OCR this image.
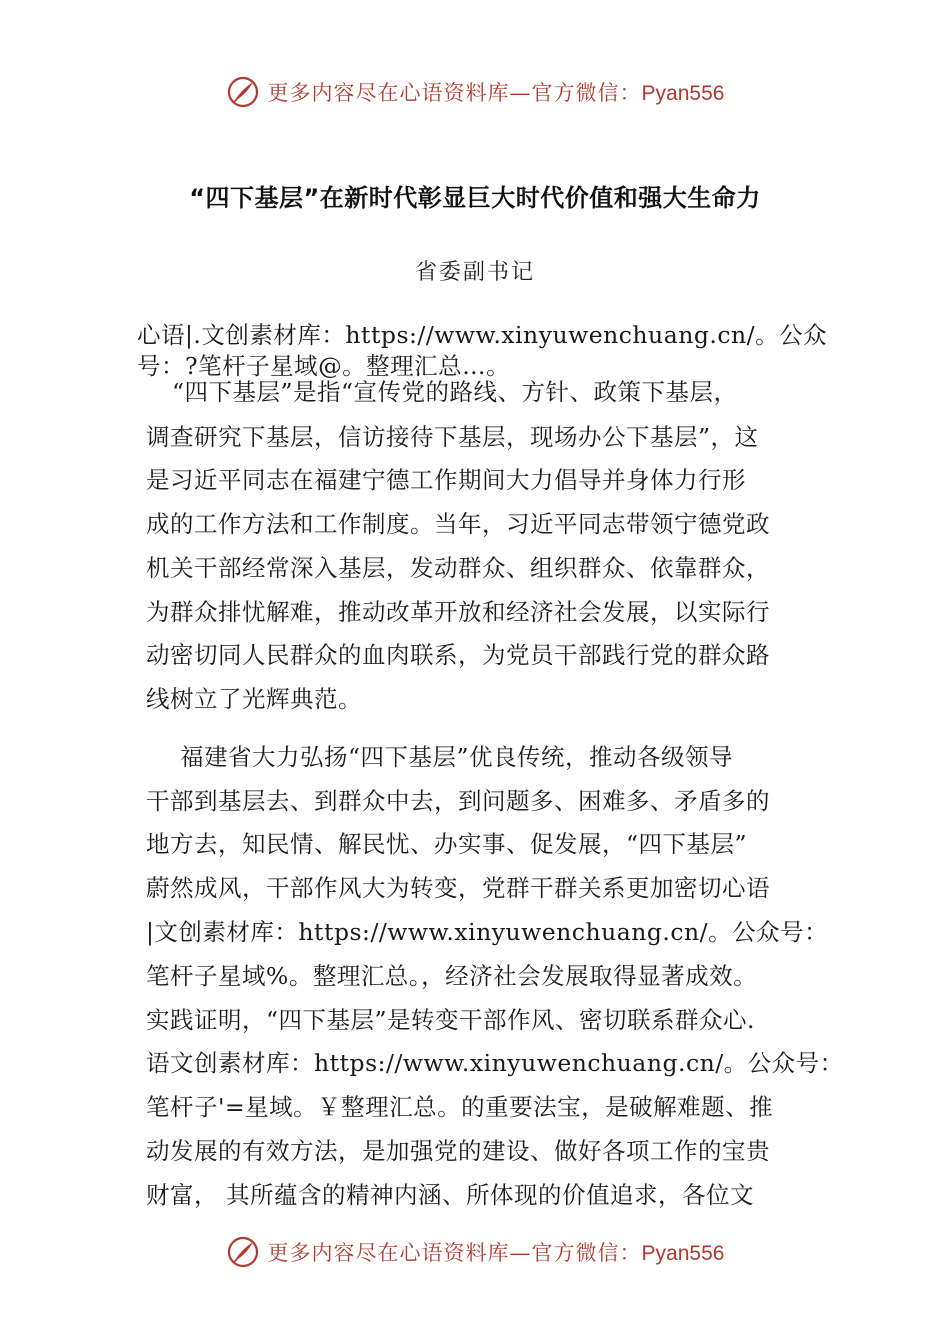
更多内容尽在心语资料库—官方微信：Pyan556
“四下基层”在新时代彰显巨大时代价值和强大生命力
省委副书记
心语|.文创素材库：https://www.xinyuwenchuang.cn/。公众
号：?笔杆子星域@。整理汇总…。
“四下基层”是指“宣传党的路线、方针、政策下基层，
调查研究下基层，信访接待下基层，现场办公下基层”，这
是习近平同志在福建宁德工作期间大力倡导并身体力行形
成的工作方法和工作制度。当年，习近平同志带领宁德党政
机关干部经常深入基层，发动群众、组织群众、依靠群众，
为群众排忧解难，推动改革开放和经济社会发展，以实际行
动密切同人民群众的血肉联系，为党员干部践行党的群众路
线树立了光辉典范。
福建省大力弘扬“四下基层”优良传统，推动各级领导
干部到基层去、到群众中去，到问题多、困难多、矛盾多的
地方去，知民情、解民忧、办实事、促发展，“四下基层”
蔚然成风，干部作风大为转变，党群干群关系更加密切心语
|文创素材库：https://www.xinyuwenchuang.cn/。公众号：
笔杆子星域%。整理汇总。，经济社会发展取得显著成效。
实践证明，“四下基层”是转变干部作风、密切联系群众心.
语文创素材库：https://www.xinyuwenchuang.cn/。公众号：
笔杆子'=星域。￥整理汇总。的重要法宝，是破解难题、推
动发展的有效方法，是加强党的建设、做好各项工作的宝贵
财富， 其所蕴含的精神内涵、所体现的价值追求，各位文
更多内容尽在心语资料库—官方微信：Pyan556
